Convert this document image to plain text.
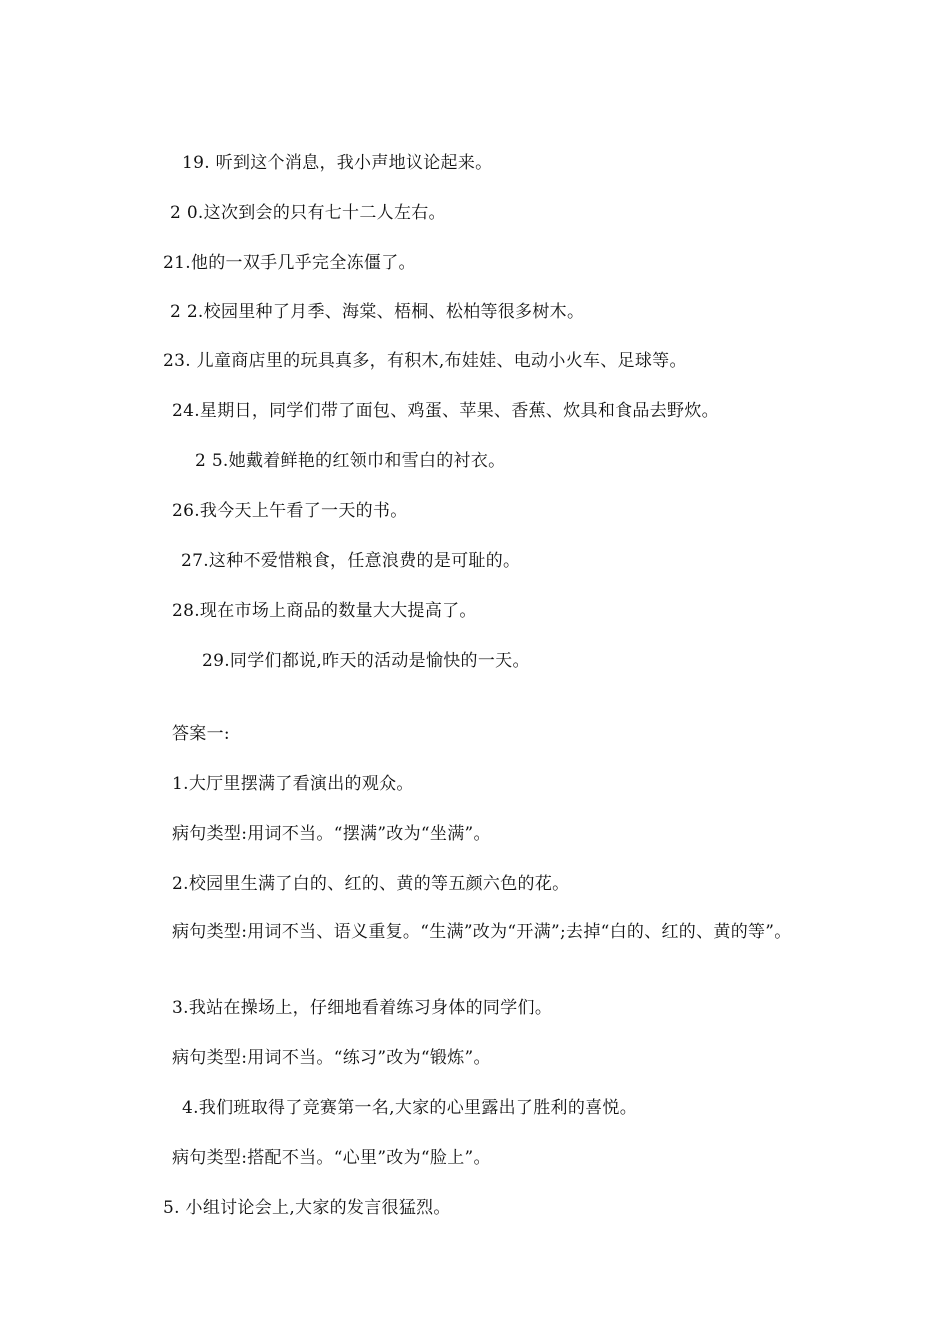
19. 听到这个消息，我小声地议论起来。
2 0.这次到会的只有七十二人左右。
21.他的一双手几乎完全冻僵了。
2 2.校园里种了月季、海棠、梧桐、松柏等很多树木。
23. 儿童商店里的玩具真多，有积木,布娃娃、电动小火车、足球等。
24.星期日，同学们带了面包、鸡蛋、苹果、香蕉、炊具和食品去野炊。
2 5.她戴着鲜艳的红领巾和雪白的衬衣。
26.我今天上午看了一天的书。
27.这种不爱惜粮食，任意浪费的是可耻的。
28.现在市场上商品的数量大大提高了。
29.同学们都说,昨天的活动是愉快的一天。
答案一:
1.大厅里摆满了看演出的观众。
病句类型:用词不当。“摆满”改为“坐满”。
2.校园里生满了白的、红的、黄的等五颜六色的花。
病句类型:用词不当、语义重复。“生满”改为“开满”;去掉“白的、红的、黄的等”。
3.我站在操场上，仔细地看着练习身体的同学们。
病句类型:用词不当。“练习”改为“锻炼”。
4.我们班取得了竞赛第一名,大家的心里露出了胜利的喜悦。
病句类型:搭配不当。“心里”改为“脸上”。
5. 小组讨论会上,大家的发言很猛烈。
